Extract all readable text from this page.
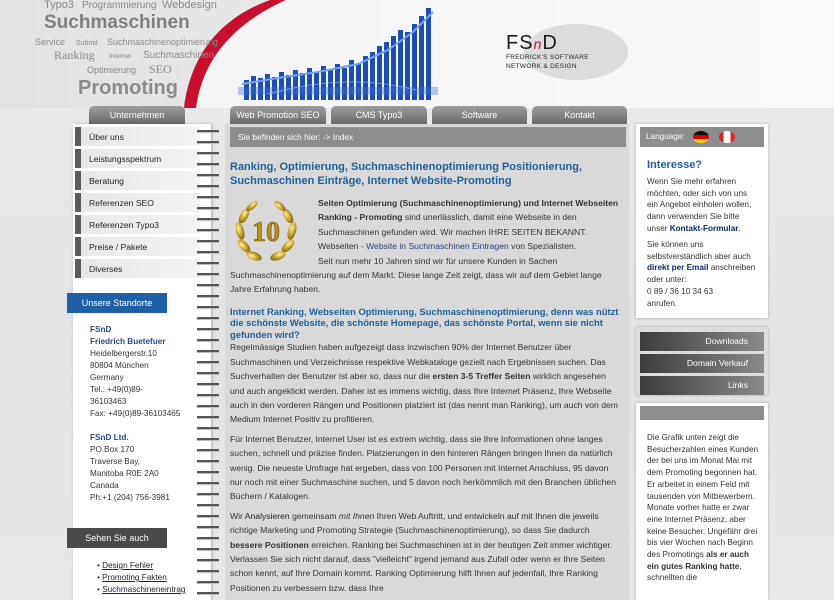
Typo3 Programmierung Webdesign
Suchmaschinen
Service Submit Suchmaschinenoptimierung
Ranking Internet Suchmaschinen
Optimierung SEO
Promoting
FSnD
FREDRICK'S SOFTWARE
NETWORK & DESIGN
Unternehmen	Web Promotion SEO	CMS Typo3	Software	Kontakt
Über uns
Leistungsspektrum
Beratung
Referenzen SEO
Referenzen Typo3
Preise / Pakete
Diverses
FSnD
Friedrich Buetefuer
Heidelbergerstr.10
80804 München
Germany
Tel.: +49(0)89-
36103463
Fax: +49(0)89-36103465
FSnD Ltd.
PO Box 170
Traverse Bay,
Manitoba R0E 2A0
Canada
Ph:+1 (204) 756-3981
• Design Fehler
• Promoting Fakten
• Suchmaschineneintrag
Unsere Standorte
Sehen Sie auch
Sie befinden sich hier: -> Index
Ranking, Optimierung, Suchmaschinenoptimierung Positionierung, Suchmaschinen Einträge, Internet Website-Promoting
10

Seiten Optimierung (Suchmaschinenoptimierung) und Internet Webseiten Ranking - Promoting sind unerlässlich, damit eine Webseite in den Suchmaschinen gefunden wird. Wir machen IHRE SEITEN BEKANNT. Webseiten - Website in Suchmaschinen Eintragen von Spezialisten.

Seit nun mehr 10 Jahren sind wir für unsere Kunden in Sachen Suchmaschinenoptimierung auf dem Markt. Diese lange Zeit zeigt, dass wir auf dem Gebiet lange Jahre Erfahrung haben.

Internet Ranking, Webseiten Optimierung, Suchmaschinenoptimierung, denn was nützt die schönste Website, die schönste Homepage, das schönste Portal, wenn sie nicht gefunden wird?

Regelmässige Studien haben aufgezeigt dass inzwischen 90% der Internet Benutzer über Suchmaschinen und Verzeichnisse respektive Webkataloge gezielt nach Ergebnissen suchen. Das Suchverhalten der Benutzer ist aber so, dass nur die ersten 3-5 Treffer Seiten wirklich angesehen und auch angeklickt werden. Daher ist es immens wichtig, dass Ihre Internet Präsenz, Ihre Webseite auch in den vorderen Rängen und Positionen platziert ist (das nennt man Ranking), um auch von dem Medium Internet Positiv zu profitieren.

Für Internet Benutzer, Internet User ist es extrem wichtig, dass sie Ihre Informationen ohne langes suchen, schnell und präzise finden. Platzierungen in den hinteren Rängen bringen Ihnen da natürlich wenig. Die neueste Umfrage hat ergeben, dass von 100 Personen mit Internet Anschluss, 95 davon nur noch mit einer Suchmaschine suchen, und 5 davon noch herkömmlich mit den Branchen üblichen Büchern / Katalogen.

Wir Analysieren gemeinsam mit Ihnen Ihren Web Auftritt, und entwickeln auf mit Ihnen die jeweils richtige Marketing und Promoting Strategie (Suchmaschinenoptimierung), so dass Sie dadurch bessere Positionen erreichen. Ranking bei Suchmaschinen ist in der heutigen Zeit immer wichtiger. Verlassen Sie sich nicht darauf, dass "vielleicht" irgend jemand aus Zufall oder wenn er Ihre Seiten schon kennt, auf Ihre Domain kommt. Ranking Optimierung hilft Ihnen auf jedenfall, Ihre Ranking Positionen zu verbessern bzw. dass Ihre

Language:
Interesse?
Wenn Sie mehr erfahren möchten, oder sich von uns ein Angebot einholen wollen, dann verwenden Sie bitte unser Kontakt-Formular.
Sie können uns selbstverständlich aber auch direkt per Email anschreiben oder unter:
0 89 / 36 10 34 63
anrufen.
Downloads
Domain Verkauf
Links
Die Grafik unten zeigt die Besucherzahlen eines Kunden der bei uns im Monat Mai mit dem Promoting begonnen hat. Er arbeitet in einem Feld mit tausenden von Mitbewerbern. Monate vorher hatte er zwar eine Internet Präsenz, aber keine Besucher. Ungefähr drei bis vier Wochen nach Beginn des Promotings als er auch ein gutes Ranking hatte, schnellten die
